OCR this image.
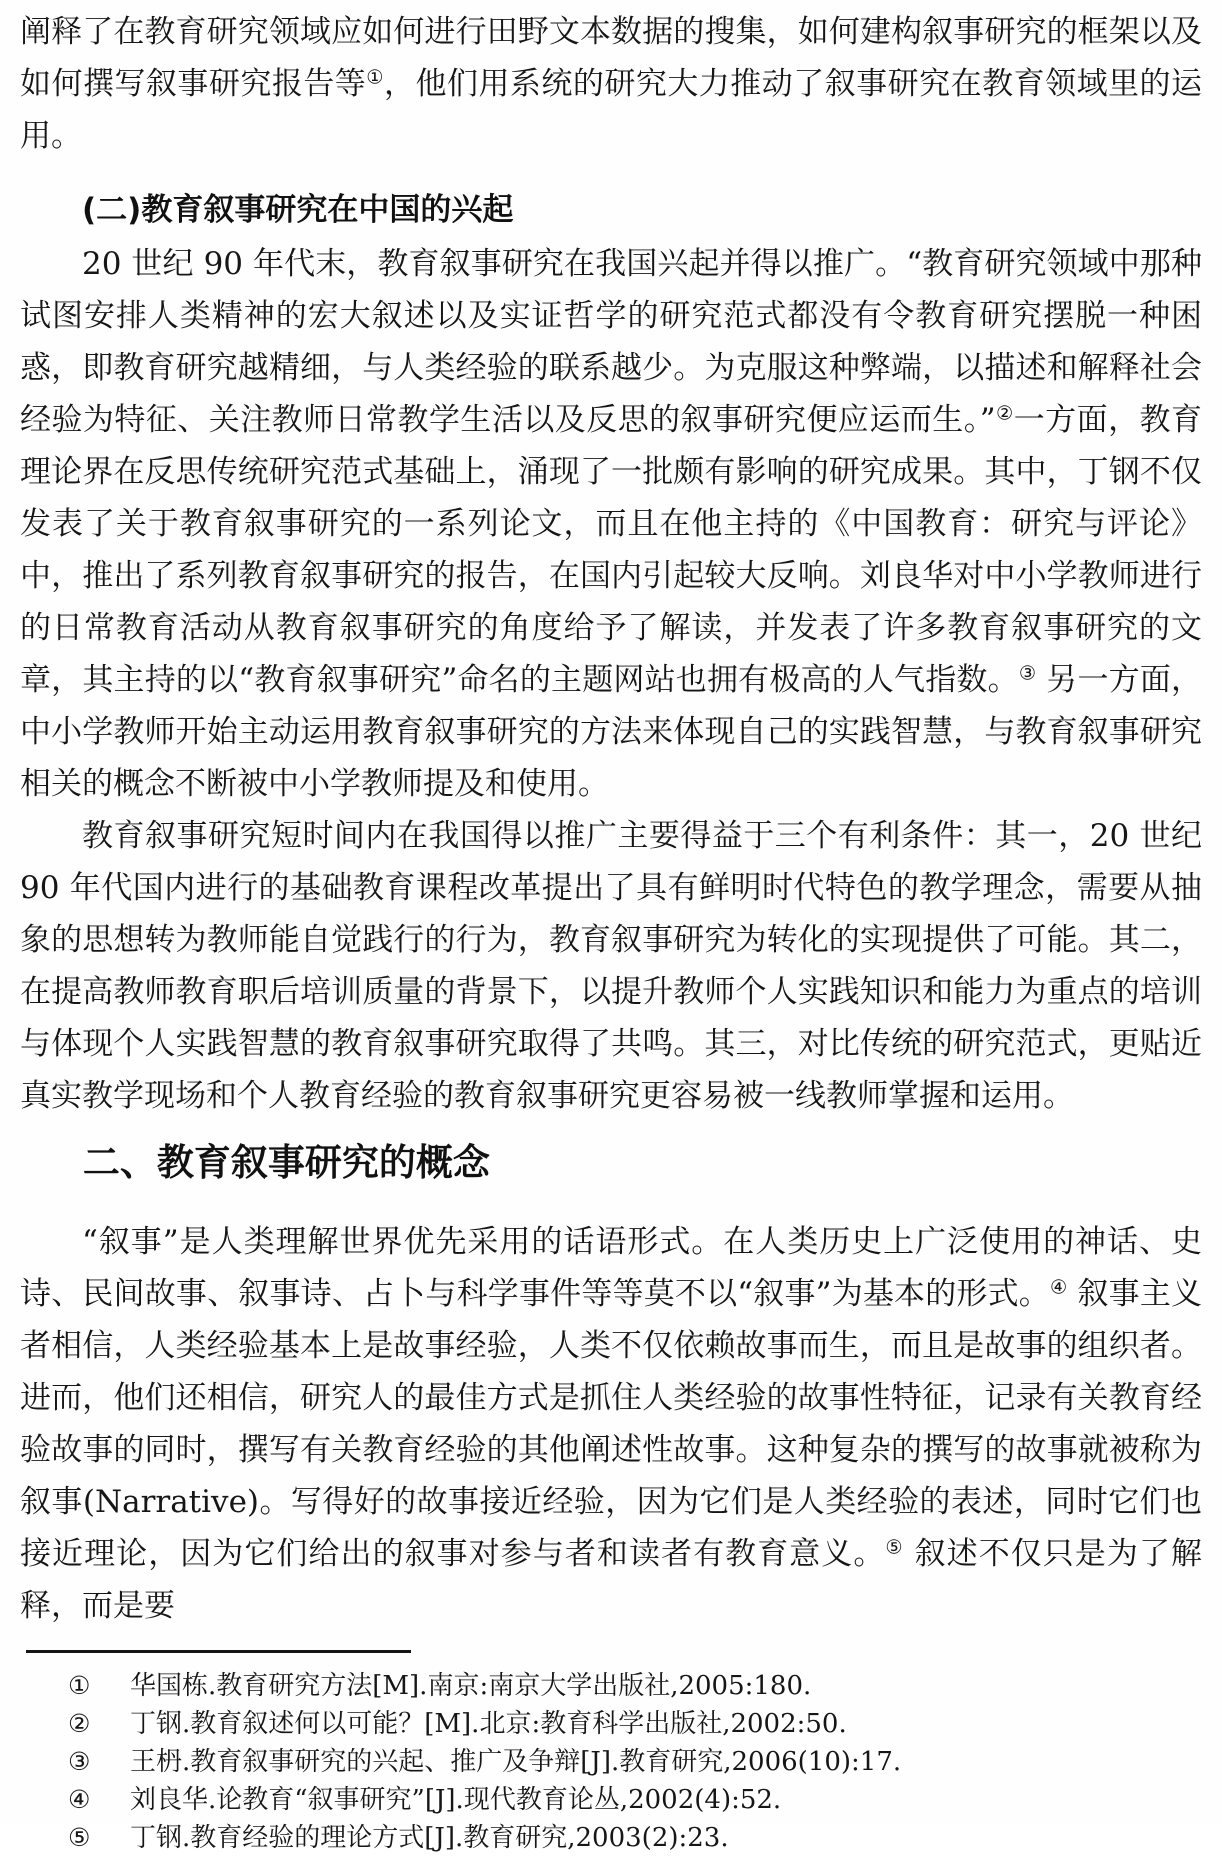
阐释了在教育研究领域应如何进行田野文本数据的搜集，如何建构叙事研究的框架以及如何撰写叙事研究报告等①，他们用系统的研究大力推动了叙事研究在教育领域里的运用。

(二)教育叙事研究在中国的兴起

20 世纪 90 年代末，教育叙事研究在我国兴起并得以推广。“教育研究领域中那种试图安排人类精神的宏大叙述以及实证哲学的研究范式都没有令教育研究摆脱一种困惑，即教育研究越精细，与人类经验的联系越少。为克服这种弊端，以描述和解释社会经验为特征、关注教师日常教学生活以及反思的叙事研究便应运而生。”②一方面，教育理论界在反思传统研究范式基础上，涌现了一批颇有影响的研究成果。其中，丁钢不仅发表了关于教育叙事研究的一系列论文，而且在他主持的《中国教育：研究与评论》中，推出了系列教育叙事研究的报告，在国内引起较大反响。刘良华对中小学教师进行的日常教育活动从教育叙事研究的角度给予了解读，并发表了许多教育叙事研究的文章，其主持的以“教育叙事研究”命名的主题网站也拥有极高的人气指数。③ 另一方面，中小学教师开始主动运用教育叙事研究的方法来体现自己的实践智慧，与教育叙事研究相关的概念不断被中小学教师提及和使用。

教育叙事研究短时间内在我国得以推广主要得益于三个有利条件：其一，20 世纪 90 年代国内进行的基础教育课程改革提出了具有鲜明时代特色的教学理念，需要从抽象的思想转为教师能自觉践行的行为，教育叙事研究为转化的实现提供了可能。其二，在提高教师教育职后培训质量的背景下，以提升教师个人实践知识和能力为重点的培训与体现个人实践智慧的教育叙事研究取得了共鸣。其三，对比传统的研究范式，更贴近真实教学现场和个人教育经验的教育叙事研究更容易被一线教师掌握和运用。

二、教育叙事研究的概念

“叙事”是人类理解世界优先采用的话语形式。在人类历史上广泛使用的神话、史诗、民间故事、叙事诗、占卜与科学事件等等莫不以“叙事”为基本的形式。④ 叙事主义者相信，人类经验基本上是故事经验，人类不仅依赖故事而生，而且是故事的组织者。进而，他们还相信，研究人的最佳方式是抓住人类经验的故事性特征，记录有关教育经验故事的同时，撰写有关教育经验的其他阐述性故事。这种复杂的撰写的故事就被称为叙事(Narrative)。写得好的故事接近经验，因为它们是人类经验的表述，同时它们也接近理论，因为它们给出的叙事对参与者和读者有教育意义。⑤ 叙述不仅只是为了解释，而是要

① 华国栋.教育研究方法[M].南京:南京大学出版社,2005:180.
② 丁钢.教育叙述何以可能？[M].北京:教育科学出版社,2002:50.
③ 王枬.教育叙事研究的兴起、推广及争辩[J].教育研究,2006(10):17.
④ 刘良华.论教育“叙事研究”[J].现代教育论丛,2002(4):52.
⑤ 丁钢.教育经验的理论方式[J].教育研究,2003(2):23.
